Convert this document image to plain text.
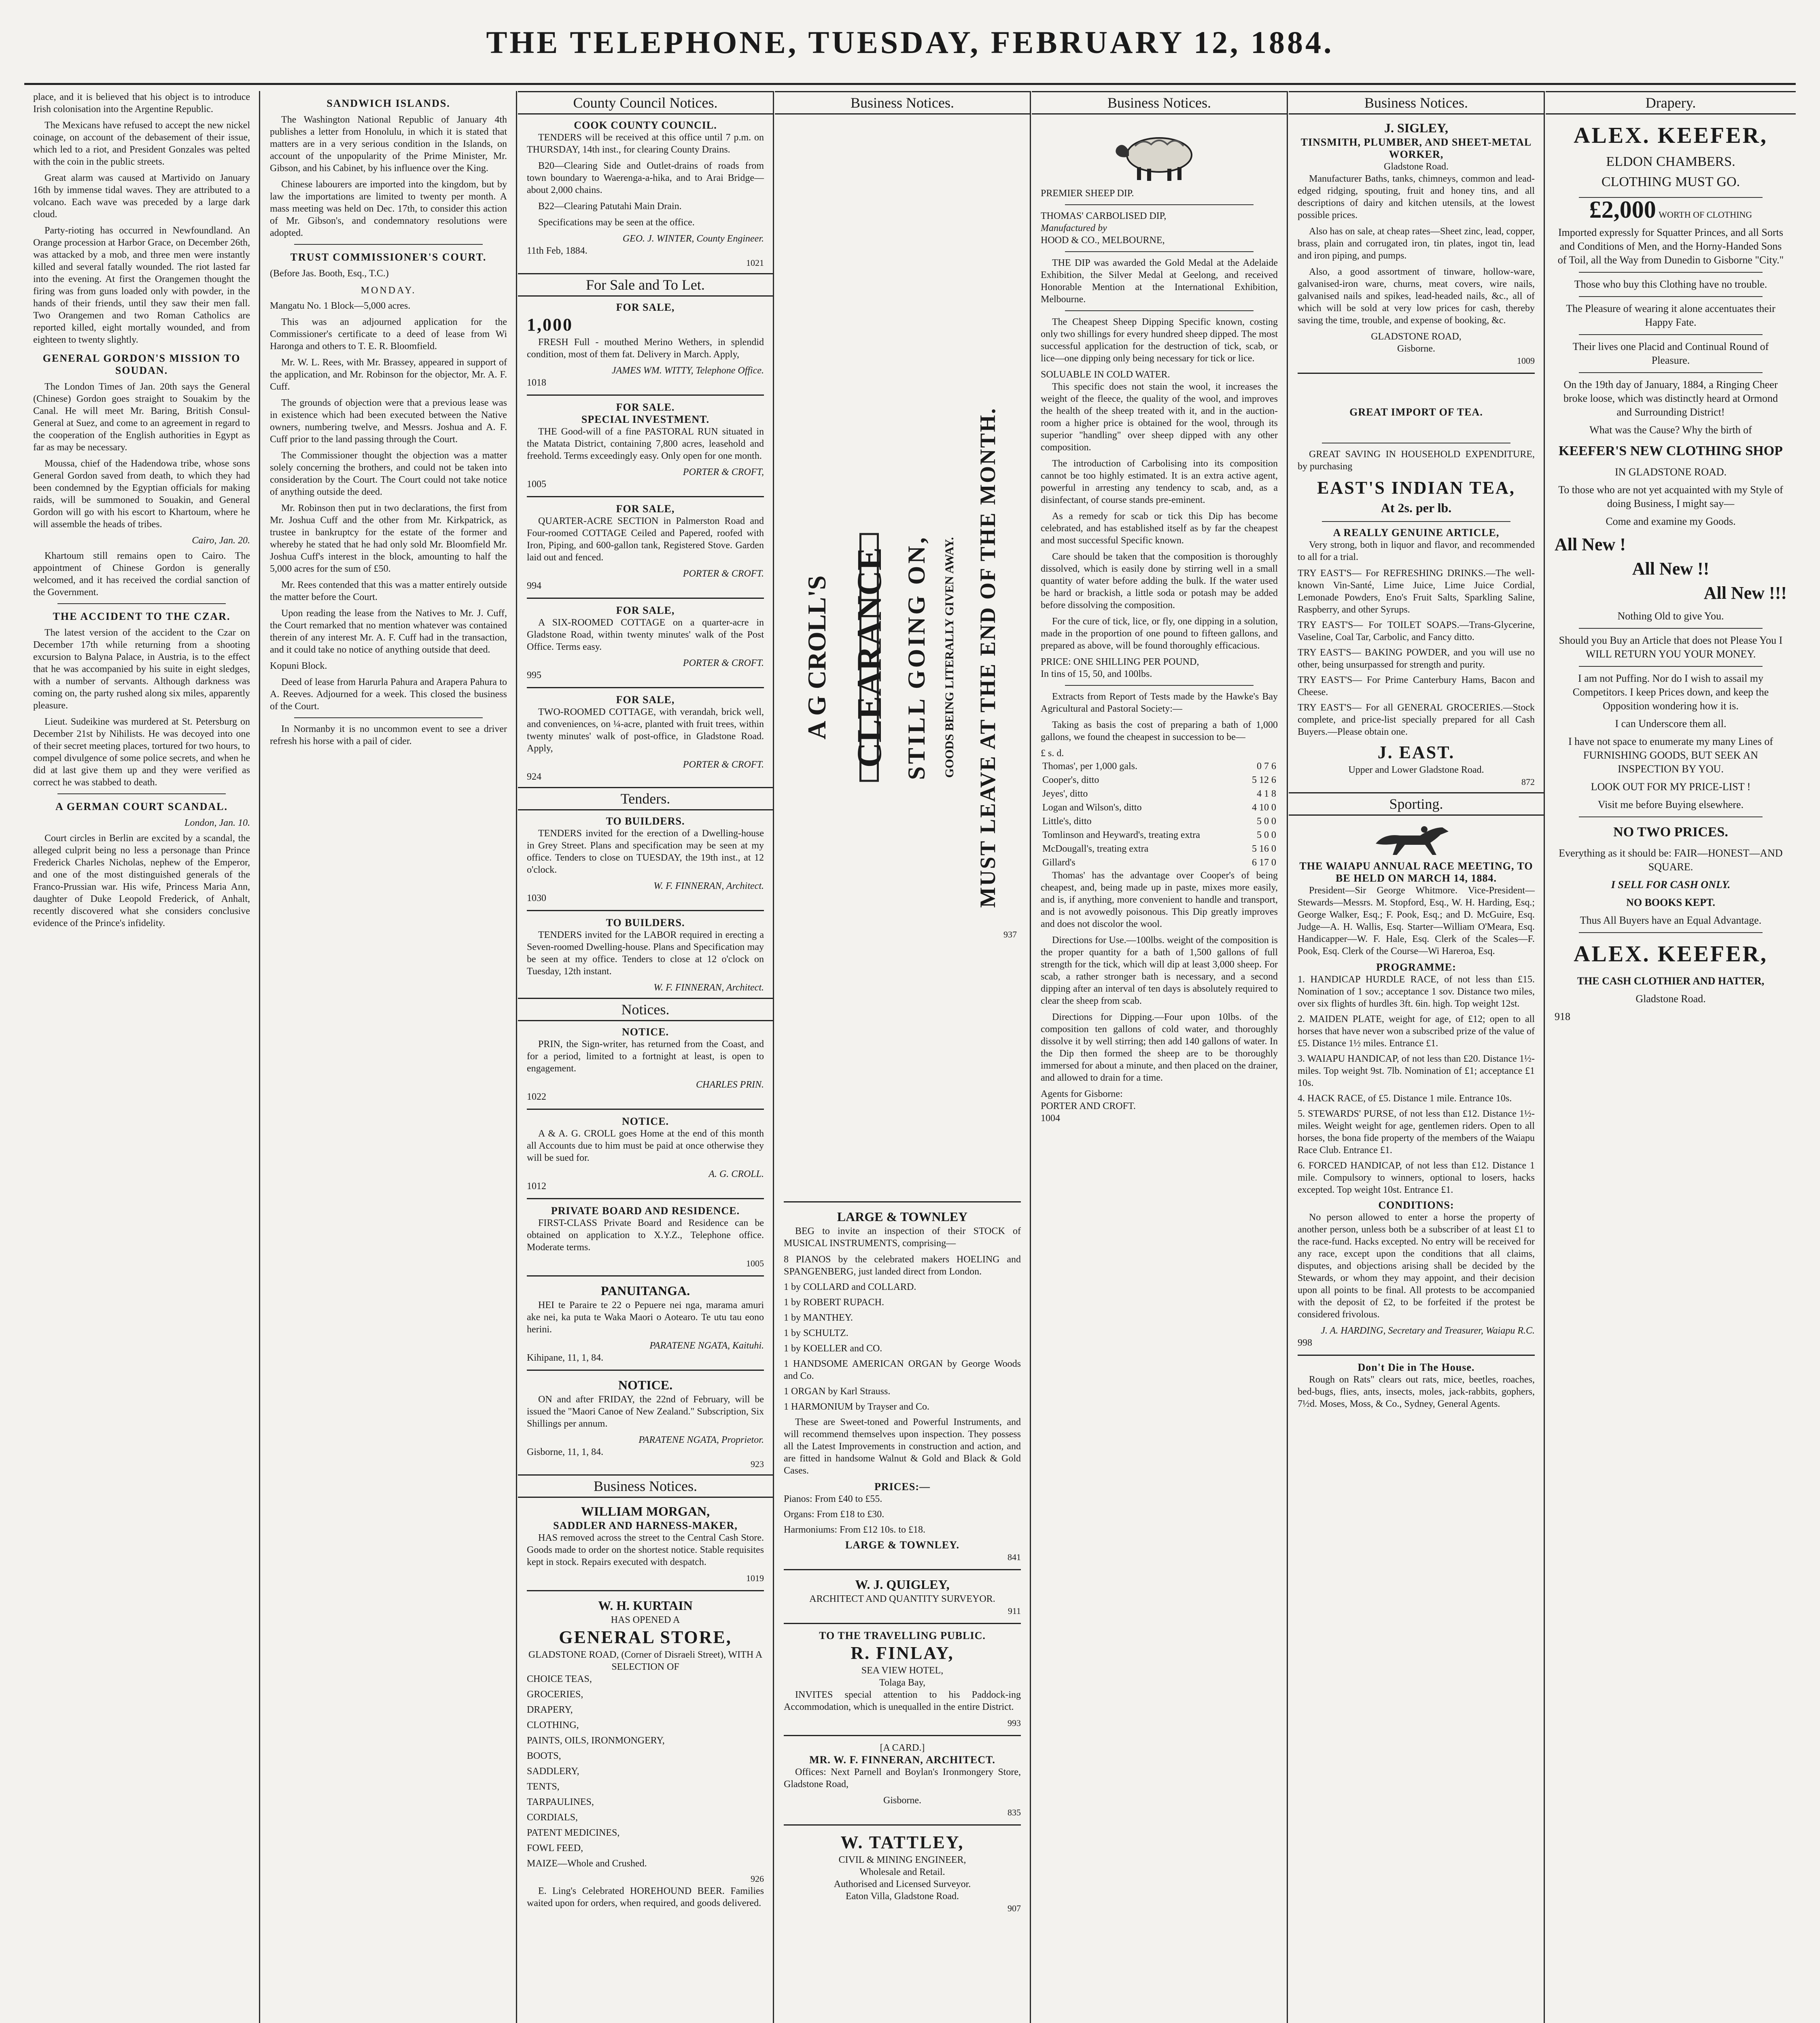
THE TELEPHONE, TUESDAY, FEBRUARY 12, 1884.

place, and it is believed that his object is to introduce Irish colonisation into the Argentine Republic.

The Mexicans have refused to accept the new nickel coinage, on account of the debasement of their issue, which led to a riot, and President Gonzales was pelted with the coin in the public streets.

Great alarm was caused at Martivido on January 16th by immense tidal waves. They are attributed to a volcano. Each wave was preceded by a large dark cloud.

Party-rioting has occurred in Newfoundland. An Orange procession at Harbor Grace, on December 26th, was attacked by a mob, and three men were instantly killed and several fatally wounded. The riot lasted far into the evening. At first the Orangemen thought the firing was from guns loaded only with powder, in the hands of their friends, until they saw their men fall. Two Orangemen and two Roman Catholics are reported killed, eight mortally wounded, and from eighteen to twenty slightly.

GENERAL GORDON'S MISSION TO SOUDAN.

The London Times of Jan. 20th says the General (Chinese) Gordon goes straight to Souakim by the Canal. He will meet Mr. Baring, British Consul-General at Suez, and come to an agreement in regard to the cooperation of the English authorities in Egypt as far as may be necessary.

Moussa, chief of the Hadendowa tribe, whose sons General Gordon saved from death, to which they had been condemned by the Egyptian officials for making raids, will be summoned to Souakin, and General Gordon will go with his escort to Khartoum, where he will assemble the heads of tribes.

Cairo, Jan. 20.

Khartoum still remains open to Cairo. The appointment of Chinese Gordon is generally welcomed, and it has received the cordial sanction of the Government.

THE ACCIDENT TO THE CZAR.

The latest version of the accident to the Czar on December 17th while returning from a shooting excursion to Balyna Palace, in Austria, is to the effect that he was accompanied by his suite in eight sledges, with a number of servants. Although darkness was coming on, the party rushed along six miles, apparently pleasure.

Lieut. Sudeikine was murdered at St. Petersburg on December 21st by Nihilists. He was decoyed into one of their secret meeting places, tortured for two hours, to compel divulgence of some police secrets, and when he did at last give them up and they were verified as correct he was stabbed to death.

A GERMAN COURT SCANDAL.
London, Jan. 10.

Court circles in Berlin are excited by a scandal, the alleged culprit being no less a personage than Prince Frederick Charles Nicholas, nephew of the Emperor, and one of the most distinguished generals of the Franco-Prussian war. His wife, Princess Maria Ann, daughter of Duke Leopold Frederick, of Anhalt, recently discovered what she considers conclusive evidence of the Prince's infidelity.

SANDWICH ISLANDS.

The Washington National Republic of January 4th publishes a letter from Honolulu, in which it is stated that matters are in a very serious condition in the Islands, on account of the unpopularity of the Prime Minister, Mr. Gibson, and his Cabinet, by his influence over the King.

Chinese labourers are imported into the kingdom, but by law the importations are limited to twenty per month. A mass meeting was held on Dec. 17th, to consider this action of Mr. Gibson's, and condemnatory resolutions were adopted.

TRUST COMMISSIONER'S COURT.
(Before Jas. Booth, Esq., T.C.)
MONDAY.
Mangatu No. 1 Block—5,000 acres.

This was an adjourned application for the Commissioner's certificate to a deed of lease from Wi Haronga and others to T. E. R. Bloomfield.

Mr. W. L. Rees, with Mr. Brassey, appeared in support of the application, and Mr. Robinson for the objector, Mr. A. F. Cuff.

The grounds of objection were that a previous lease was in existence which had been executed between the Native owners, numbering twelve, and Messrs. Joshua and A. F. Cuff prior to the land passing through the Court.

The Commissioner thought the objection was a matter solely concerning the brothers, and could not be taken into consideration by the Court. The Court could not take notice of anything outside the deed.

Mr. Robinson then put in two declarations, the first from Mr. Joshua Cuff and the other from Mr. Kirkpatrick, as trustee in bankruptcy for the estate of the former and whereby he stated that he had only sold Mr. Bloomfield Mr. Joshua Cuff's interest in the block, amounting to half the 5,000 acres for the sum of £50.

Mr. Rees contended that this was a matter entirely outside the matter before the Court.

Upon reading the lease from the Natives to Mr. J. Cuff, the Court remarked that no mention whatever was contained therein of any interest Mr. A. F. Cuff had in the transaction, and it could take no notice of anything outside that deed.

Kopuni Block.

Deed of lease from Harurla Pahura and Arapera Pahura to A. Reeves. Adjourned for a week. This closed the business of the Court.

In Normanby it is no uncommon event to see a driver refresh his horse with a pail of cider.

County Council Notices.
COOK COUNTY COUNCIL.

TENDERS will be received at this office until 7 p.m. on THURSDAY, 14th inst., for clearing County Drains.

B20—Clearing Side and Outlet-drains of roads from town boundary to Waerenga-a-hika, and to Arai Bridge—about 2,000 chains.

B22—Clearing Patutahi Main Drain.

Specifications may be seen at the office.

GEO. J. WINTER, County Engineer.
11th Feb, 1884.
1021
For Sale and To Let.
FOR SALE,
1,000

FRESH Full - mouthed Merino Wethers, in splendid condition, most of them fat. Delivery in March. Apply,

JAMES WM. WITTY, Telephone Office.
1018
FOR SALE.
SPECIAL INVESTMENT.

THE Good-will of a fine PASTORAL RUN situated in the Matata District, containing 7,800 acres, leasehold and freehold. Terms exceedingly easy. Only open for one month.

PORTER & CROFT,
1005
FOR SALE,

QUARTER-ACRE SECTION in Palmerston Road and Four-roomed COTTAGE Ceiled and Papered, roofed with Iron, Piping, and 600-gallon tank, Registered Stove. Garden laid out and fenced.

PORTER & CROFT.
994
FOR SALE,

A SIX-ROOMED COTTAGE on a quarter-acre in Gladstone Road, within twenty minutes' walk of the Post Office. Terms easy.

PORTER & CROFT.
995
FOR SALE,

TWO-ROOMED COTTAGE, with verandah, brick well, and conveniences, on ¼-acre, planted with fruit trees, within twenty minutes' walk of post-office, in Gladstone Road. Apply,

PORTER & CROFT.
924
Tenders.
TO BUILDERS.

TENDERS invited for the erection of a Dwelling-house in Grey Street. Plans and specification may be seen at my office. Tenders to close on TUESDAY, the 19th inst., at 12 o'clock.

W. F. FINNERAN, Architect.
1030
TO BUILDERS.

TENDERS invited for the LABOR required in erecting a Seven-roomed Dwelling-house. Plans and Specification may be seen at my office. Tenders to close at 12 o'clock on Tuesday, 12th instant.

W. F. FINNERAN, Architect.
Notices.
NOTICE.

PRIN, the Sign-writer, has returned from the Coast, and for a period, limited to a fortnight at least, is open to engagement.

CHARLES PRIN.
1022
NOTICE.

A & A. G. CROLL goes Home at the end of this month all Accounts due to him must be paid at once otherwise they will be sued for.

A. G. CROLL.
1012
PRIVATE BOARD AND RESIDENCE.

FIRST-CLASS Private Board and Residence can be obtained on application to X.Y.Z., Telephone office. Moderate terms.

1005
PANUITANGA.

HEI te Paraire te 22 o Pepuere nei nga, marama amuri ake nei, ka puta te Waka Maori o Aotearo. Te utu tau eono herini.

PARATENE NGATA, Kaituhi.
Kihipane, 11, 1, 84.
NOTICE.

ON and after FRIDAY, the 22nd of February, will be issued the "Maori Canoe of New Zealand." Subscription, Six Shillings per annum.

PARATENE NGATA, Proprietor.
Gisborne, 11, 1, 84.
923
Business Notices.
WILLIAM MORGAN,
SADDLER AND HARNESS-MAKER,

HAS removed across the street to the Central Cash Store. Goods made to order on the shortest notice. Stable requisites kept in stock. Repairs executed with despatch.

1019
W. H. KURTAIN
HAS OPENED A
GENERAL STORE,
GLADSTONE ROAD, (Corner of Disraeli Street), WITH A SELECTION OF
CHOICE TEAS,
GROCERIES,
DRAPERY,
CLOTHING,
PAINTS, OILS, IRONMONGERY,
BOOTS,
SADDLERY,
TENTS,
TARPAULINES,
CORDIALS,
PATENT MEDICINES,
FOWL FEED,
MAIZE—Whole and Crushed.
926

E. Ling's Celebrated HOREHOUND BEER. Families waited upon for orders, when required, and goods delivered.

Business Notices.
A G CROLL'S CLEARANCE STILL GOING ON, GOODS BEING LITERALLY GIVEN AWAY. MUST LEAVE AT THE END OF THE MONTH.
937
LARGE & TOWNLEY

BEG to invite an inspection of their STOCK of MUSICAL INSTRUMENTS, comprising—

8 PIANOS by the celebrated makers HOELING and SPANGENBERG, just landed direct from London.
1 by COLLARD and COLLARD.
1 by ROBERT RUPACH.
1 by MANTHEY.
1 by SCHULTZ.
1 by KOELLER and CO.
1 HANDSOME AMERICAN ORGAN by George Woods and Co.
1 ORGAN by Karl Strauss.
1 HARMONIUM by Trayser and Co.

These are Sweet-toned and Powerful Instruments, and will recommend themselves upon inspection. They possess all the Latest Improvements in construction and action, and are fitted in handsome Walnut & Gold and Black & Gold Cases.

PRICES:—
Pianos: From £40 to £55.
Organs: From £18 to £30.
Harmoniums: From £12 10s. to £18.
LARGE & TOWNLEY.
841
W. J. QUIGLEY,
ARCHITECT AND QUANTITY SURVEYOR.
911
TO THE TRAVELLING PUBLIC.
R. FINLAY,
SEA VIEW HOTEL,
Tolaga Bay,

INVITES special attention to his Paddock-ing Accommodation, which is unequalled in the entire District.

993
[A CARD.]
MR. W. F. FINNERAN, ARCHITECT.

Offices: Next Parnell and Boylan's Ironmongery Store, Gladstone Road,

Gisborne.
835
W. TATTLEY,
CIVIL & MINING ENGINEER,
Wholesale and Retail.
Authorised and Licensed Surveyor.
Eaton Villa, Gladstone Road.
907
Business Notices.
PREMIER SHEEP DIP.
THOMAS' CARBOLISED DIP,
Manufactured by
HOOD & CO., MELBOURNE,

THE DIP was awarded the Gold Medal at the Adelaide Exhibition, the Silver Medal at Geelong, and received Honorable Mention at the International Exhibition, Melbourne.

The Cheapest Sheep Dipping Specific known, costing only two shillings for every hundred sheep dipped. The most successful application for the destruction of tick, scab, or lice—one dipping only being necessary for tick or lice.

SOLUABLE IN COLD WATER.

This specific does not stain the wool, it increases the weight of the fleece, the quality of the wool, and improves the health of the sheep treated with it, and in the auction-room a higher price is obtained for the wool, through its superior "handling" over sheep dipped with any other composition.

The introduction of Carbolising into its composition cannot be too highly estimated. It is an extra active agent, powerful in arresting any tendency to scab, and, as a disinfectant, of course stands pre-eminent.

As a remedy for scab or tick this Dip has become celebrated, and has established itself as by far the cheapest and most successful Specific known.

Care should be taken that the composition is thoroughly dissolved, which is easily done by stirring well in a small quantity of water before adding the bulk. If the water used be hard or brackish, a little soda or potash may be added before dissolving the composition.

For the cure of tick, lice, or fly, one dipping in a solution, made in the proportion of one pound to fifteen gallons, and prepared as above, will be found thoroughly efficacious.

PRICE: ONE SHILLING PER POUND,
In tins of 15, 50, and 100lbs.

Extracts from Report of Tests made by the Hawke's Bay Agricultural and Pastoral Society:—

Taking as basis the cost of preparing a bath of 1,000 gallons, we found the cheapest in succession to be—

£ s. d.
Thomas', per 1,000 gals.	0 7 6
Cooper's, ditto	5 12 6
Jeyes', ditto	4 1 8
Logan and Wilson's, ditto	4 10 0
Little's, ditto	5 0 0
Tomlinson and Heyward's, treating extra	5 0 0
McDougall's, treating extra	5 16 0
Gillard's	6 17 0

Thomas' has the advantage over Cooper's of being cheapest, and, being made up in paste, mixes more easily, and is, if anything, more convenient to handle and transport, and is not avowedly poisonous. This Dip greatly improves and does not discolor the wool.

Directions for Use.—100lbs. weight of the composition is the proper quantity for a bath of 1,500 gallons of full strength for the tick, which will dip at least 3,000 sheep. For scab, a rather stronger bath is necessary, and a second dipping after an interval of ten days is absolutely required to clear the sheep from scab.

Directions for Dipping.—Four upon 10lbs. of the composition ten gallons of cold water, and thoroughly dissolve it by well stirring; then add 140 gallons of water. In the Dip then formed the sheep are to be thoroughly immersed for about a minute, and then placed on the drainer, and allowed to drain for a time.

Agents for Gisborne:
PORTER AND CROFT.
1004
Business Notices.
J. SIGLEY,
TINSMITH, PLUMBER, AND SHEET-METAL WORKER,
Gladstone Road.

Manufacturer Baths, tanks, chimneys, common and lead-edged ridging, spouting, fruit and honey tins, and all descriptions of dairy and kitchen utensils, at the lowest possible prices.

Also has on sale, at cheap rates—Sheet zinc, lead, copper, brass, plain and corrugated iron, tin plates, ingot tin, lead and iron piping, and pumps.

Also, a good assortment of tinware, hollow-ware, galvanised-iron ware, churns, meat covers, wire nails, galvanised nails and spikes, lead-headed nails, &c., all of which will be sold at very low prices for cash, thereby saving the time, trouble, and expense of booking, &c.

GLADSTONE ROAD,
Gisborne.
1009
GREAT IMPORT OF TEA.

GREAT SAVING IN HOUSEHOLD EXPENDITURE, by purchasing

EAST'S INDIAN TEA,
At 2s. per lb.
A REALLY GENUINE ARTICLE,

Very strong, both in liquor and flavor, and recommended to all for a trial.

TRY EAST'S— For REFRESHING DRINKS.—The well-known Vin-Santé, Lime Juice, Lime Juice Cordial, Lemonade Powders, Eno's Fruit Salts, Sparkling Saline, Raspberry, and other Syrups.
TRY EAST'S— For TOILET SOAPS.—Trans-Glycerine, Vaseline, Coal Tar, Carbolic, and Fancy ditto.
TRY EAST'S— BAKING POWDER, and you will use no other, being unsurpassed for strength and purity.
TRY EAST'S— For Prime Canterbury Hams, Bacon and Cheese.
TRY EAST'S— For all GENERAL GROCERIES.—Stock complete, and price-list specially prepared for all Cash Buyers.—Please obtain one.
J. EAST.
Upper and Lower Gladstone Road.
872
Sporting.
THE WAIAPU ANNUAL RACE MEETING, TO BE HELD ON MARCH 14, 1884.

President—Sir George Whitmore. Vice-President— Stewards—Messrs. M. Stopford, Esq., W. H. Harding, Esq.; George Walker, Esq.; F. Pook, Esq.; and D. McGuire, Esq. Judge—A. H. Wallis, Esq. Starter—William O'Meara, Esq. Handicapper—W. F. Hale, Esq. Clerk of the Scales—F. Pook, Esq. Clerk of the Course—Wi Hareroa, Esq.

PROGRAMME:
1. HANDICAP HURDLE RACE, of not less than £15. Nomination of 1 sov.; acceptance 1 sov. Distance two miles, over six flights of hurdles 3ft. 6in. high. Top weight 12st.
2. MAIDEN PLATE, weight for age, of £12; open to all horses that have never won a subscribed prize of the value of £5. Distance 1½ miles. Entrance £1.
3. WAIAPU HANDICAP, of not less than £20. Distance 1½-miles. Top weight 9st. 7lb. Nomination of £1; acceptance £1 10s.
4. HACK RACE, of £5. Distance 1 mile. Entrance 10s.
5. STEWARDS' PURSE, of not less than £12. Distance 1½-miles. Weight weight for age, gentlemen riders. Open to all horses, the bona fide property of the members of the Waiapu Race Club. Entrance £1.
6. FORCED HANDICAP, of not less than £12. Distance 1 mile. Compulsory to winners, optional to losers, hacks excepted. Top weight 10st. Entrance £1.
CONDITIONS:

No person allowed to enter a horse the property of another person, unless both be a subscriber of at least £1 to the race-fund. Hacks excepted. No entry will be received for any race, except upon the conditions that all claims, disputes, and objections arising shall be decided by the Stewards, or whom they may appoint, and their decision upon all points to be final. All protests to be accompanied with the deposit of £2, to be forfeited if the protest be considered frivolous.

J. A. HARDING, Secretary and Treasurer, Waiapu R.C.
998
Don't Die in The House.

Rough on Rats" clears out rats, mice, beetles, roaches, bed-bugs, flies, ants, insects, moles, jack-rabbits, gophers, 7½d. Moses, Moss, & Co., Sydney, General Agents.

Drapery.
ALEX. KEEFER,
ELDON CHAMBERS.
CLOTHING MUST GO.
£2,000 WORTH OF CLOTHING
Imported expressly for Squatter Princes, and all Sorts and Conditions of Men, and the Horny-Handed Sons of Toil, all the Way from Dunedin to Gisborne "City."
Those who buy this Clothing have no trouble.
The Pleasure of wearing it alone accentuates their Happy Fate.
Their lives one Placid and Continual Round of Pleasure.
On the 19th day of January, 1884, a Ringing Cheer broke loose, which was distinctly heard at Ormond and Surrounding District!
What was the Cause? Why the birth of
KEEFER'S NEW CLOTHING SHOP
IN GLADSTONE ROAD.
To those who are not yet acquainted with my Style of doing Business, I might say—
Come and examine my Goods.
All New !
All New !!
All New !!!
Nothing Old to give You.
Should you Buy an Article that does not Please You I WILL RETURN YOU YOUR MONEY.
I am not Puffing. Nor do I wish to assail my Competitors. I keep Prices down, and keep the Opposition wondering how it is.
I can Underscore them all.
I have not space to enumerate my many Lines of FURNISHING GOODS, BUT SEEK AN INSPECTION BY YOU.
LOOK OUT FOR MY PRICE-LIST !
Visit me before Buying elsewhere.
NO TWO PRICES.
Everything as it should be: FAIR—HONEST—AND SQUARE.
I SELL FOR CASH ONLY.
NO BOOKS KEPT.
Thus All Buyers have an Equal Advantage.
ALEX. KEEFER,
THE CASH CLOTHIER AND HATTER,
Gladstone Road.
918
